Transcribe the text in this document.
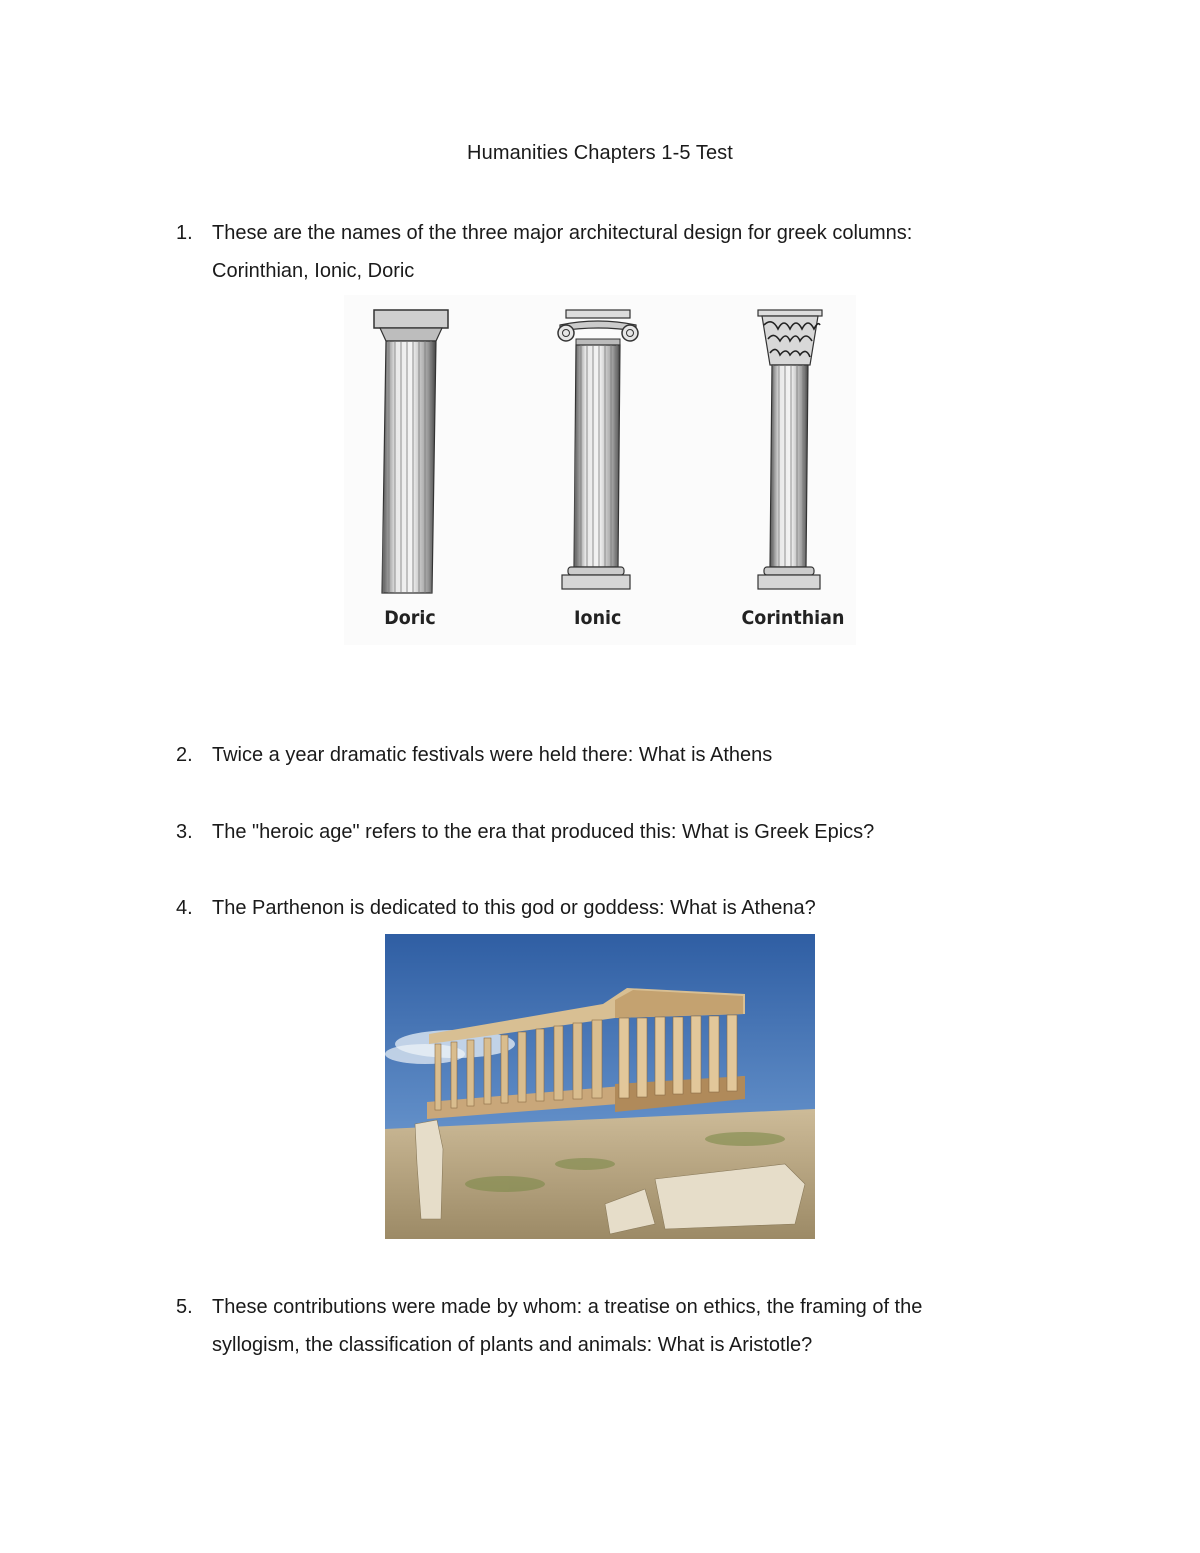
Humanities Chapters 1-5 Test
1. These are the names of the three major architectural design for greek columns:
Corinthian, Ionic, Doric
Doric	Ionic	Corinthian
2. Twice a year dramatic festivals were held there: What is Athens
3. The "heroic age" refers to the era that produced this: What is Greek Epics?
4. The Parthenon is dedicated to this god or goddess: What is Athena?
5. These contributions were made by whom: a treatise on ethics, the framing of the
syllogism, the classification of plants and animals: What is Aristotle?
